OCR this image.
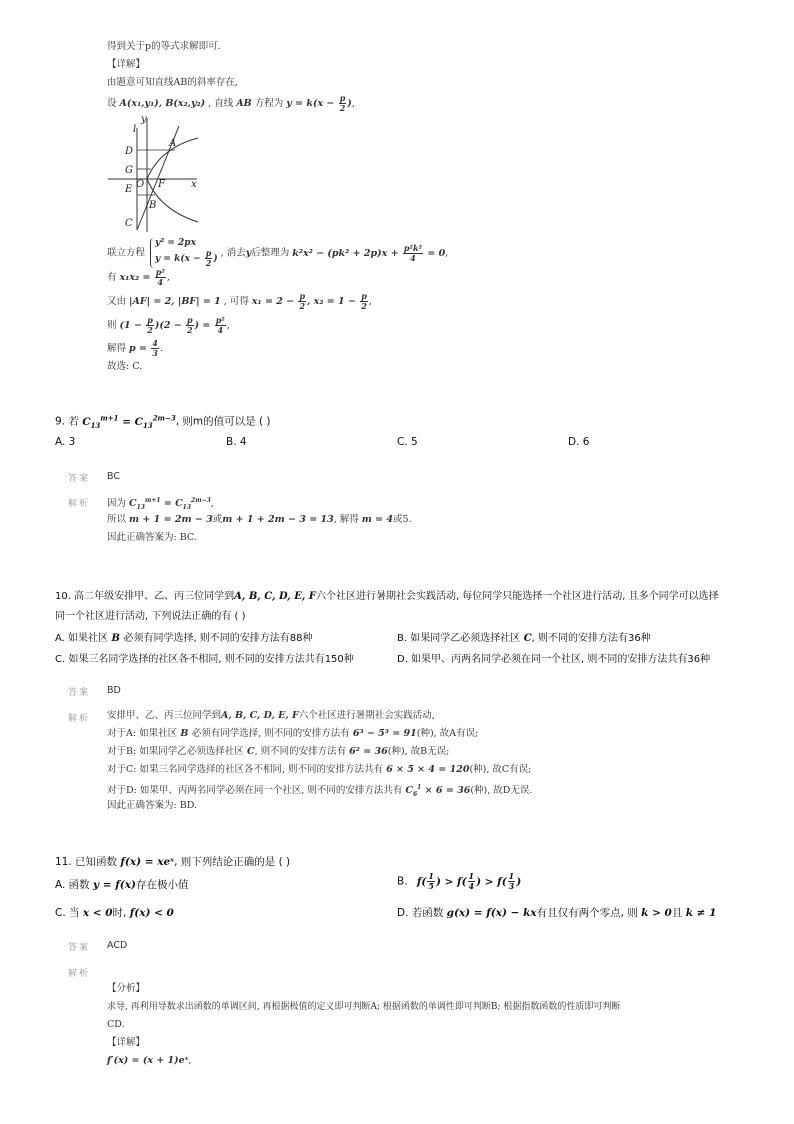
得到关于p的等式求解即可.
【详解】
由题意可知直线AB的斜率存在,
设 A(x₁,y₁), B(x₂,y₂) , 直线 AB 方程为 $y = k(x - \frac{p}{2}$ ),
l
y
D
A
G
E O F	x
B
C
联立方程 y² = 2px
$y = k(x - \frac{p}{2}$ ) , 消去y后整理为 $k^2x^2 - (pk^2 + 2p)x + \frac{\text{p²k²}}{4} = 0$,
有 $x_1x_2 = \frac{\text{p²}}{4}$ ,
又由 |AF| = 2, |BF| = 1 , 可得 $x_1 = 2 - \frac{p}{2}$ , $x_2 = 1 - \frac{p}{2}$ ,
则 $(1 - \frac{p}{2} )(2 - \frac{p}{2}$ ) = $\frac{\text{p²}}{4}$ ,
解得 $p = \frac{4}{3}$ .
故选: C.
9. 若 $C_{13}^{m+1} = C_{13}^{2m-3}$, 则m的值可以是 ( )
A. 3	B. 4	C. 5	D. 6
答案 BC
解析 因为 $C_{13}^{m+1} = C_{13}^{2m-3}$,
所以 m + 1 = 2m − 3或m + 1 + 2m − 3 = 13, 解得 m = 4或5.
因此正确答案为: BC.
10. 高二年级安排甲、乙、丙三位同学到A, B, C, D, E, F六个社区进行暑期社会实践活动, 每位同学只能选择一个社区进行活动, 且多个同学可以选择
同一个社区进行活动, 下列说法正确的有 ( )
A. 如果社区 B 必须有同学选择, 则不同的安排方法有88种	B. 如果同学乙必须选择社区 C, 则不同的安排方法有36种
C. 如果三名同学选择的社区各不相同, 则不同的安排方法共有150种	D. 如果甲、丙两名同学必须在同一个社区, 则不同的安排方法共有36种
答案 BD
解析 安排甲、乙、丙三位同学到A, B, C, D, E, F六个社区进行暑期社会实践活动,
对于A: 如果社区 B 必须有同学选择, 则不同的安排方法有 6³ − 5³ = 91(种), 故A有误;
对于B: 如果同学乙必须选择社区 C, 则不同的安排方法有 6² = 36(种), 故B无误;
对于C: 如果三名同学选择的社区各不相同, 则不同的安排方法共有 6 × 5 × 4 = 120(种), 故C有误;
对于D: 如果甲、丙两名同学必须在同一个社区, 则不同的安排方法共有 $C_6^1 \times 6 = 36$(种), 故D无误.
因此正确答案为: BD.
11. 已知函数 f(x) = xeˣ, 则下列结论正确的是 ( )
A. 函数 y = f(x)存在极小值	B. $f( \frac{1}{5}$ ) > $f( \frac{1}{4}$ ) > $f( \frac{1}{3}$ )
C. 当 x < 0时, f(x) < 0	D. 若函数 g(x) = f(x) − kx有且仅有两个零点, 则 k > 0且 k ≠ 1
答案 ACD
解析
【分析】
求导, 再利用导数求出函数的单调区间, 再根据极值的定义即可判断A; 根据函数的单调性即可判断B; 根据指数函数的性质即可判断
CD.
【详解】
f′(x) = (x + 1)eˣ,
